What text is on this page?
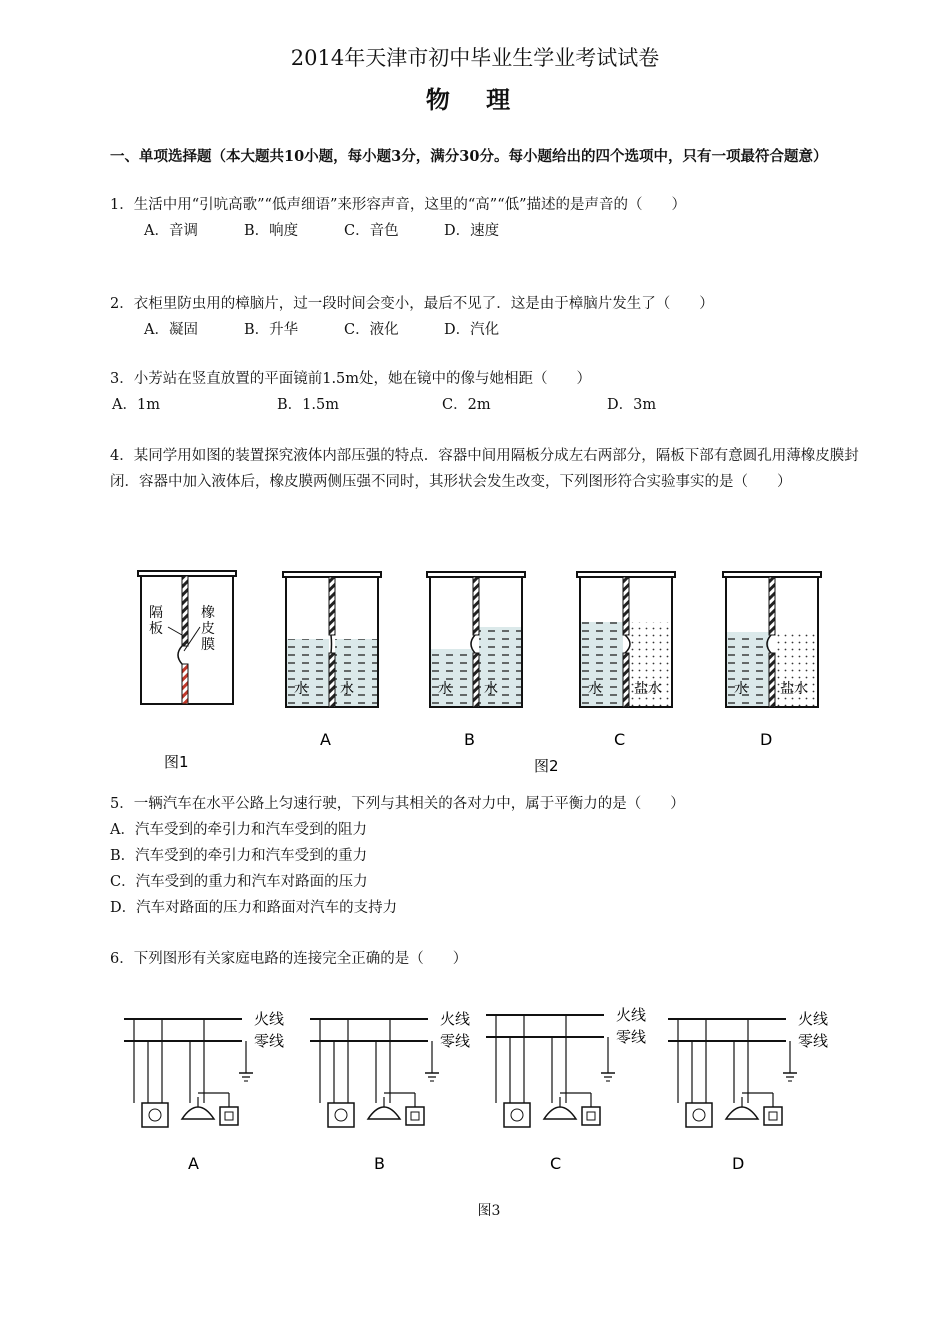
2014年天津市初中毕业生学业考试试卷
物 理
一、单项选择题（本大题共10小题，每小题3分，满分30分。每小题给出的四个选项中，只有一项最符合题意）
1．生活中用“引吭高歌”“低声细语”来形容声音，这里的“高”“低”描述的是声音的（　　）
A．音调	B．响度	C．音色	D．速度
2．衣柜里防虫用的樟脑片，过一段时间会变小，最后不见了．这是由于樟脑片发生了（　　）
A．凝固	B．升华	C．液化	D．汽化
3．小芳站在竖直放置的平面镜前1.5m处，她在镜中的像与她相距（　　）
A．1m	B．1.5m	C．2m	D．3m
4．某同学用如图的装置探究液体内部压强的特点．容器中间用隔板分成左右两部分，隔板下部有意圆孔用薄橡皮膜封闭．容器中加入液体后，橡皮膜两侧压强不同时，其形状会发生改变，下列图形符合实验事实的是（　　）
隔
板
橡
皮
膜
图1
水 水
A
水 水
B
水 盐水
C
水 盐水
D
图2
5．一辆汽车在水平公路上匀速行驶，下列与其相关的各对力中，属于平衡力的是（　　）
A．汽车受到的牵引力和汽车受到的阻力
B．汽车受到的牵引力和汽车受到的重力
C．汽车受到的重力和汽车对路面的压力
D．汽车对路面的压力和路面对汽车的支持力
6．下列图形有关家庭电路的连接完全正确的是（　　）
火线
零线
A
火线
零线
B
火线
零线
C
火线
零线
D
图3
